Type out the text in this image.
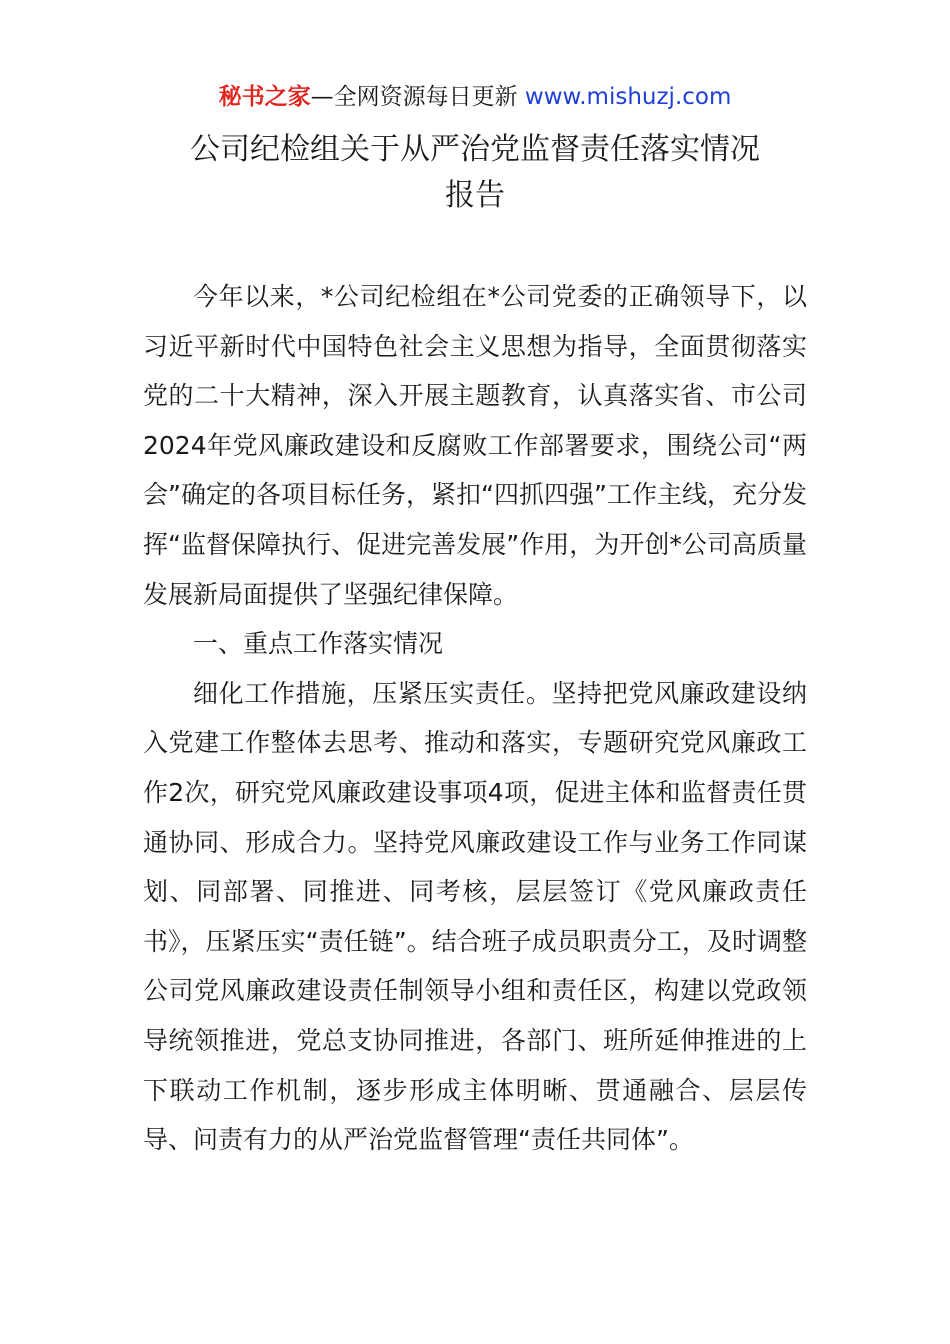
秘书之家—全网资源每日更新 www.mishuzj.com
公司纪检组关于从严治党监督责任落实情况
报告

今年以来，*公司纪检组在*公司党委的正确领导下，以习近平新时代中国特色社会主义思想为指导，全面贯彻落实党的二十大精神，深入开展主题教育，认真落实省、市公司2024年党风廉政建设和反腐败工作部署要求，围绕公司“两会”确定的各项目标任务，紧扣“四抓四强”工作主线，充分发挥“监督保障执行、促进完善发展”作用，为开创*公司高质量发展新局面提供了坚强纪律保障。

一、重点工作落实情况

细化工作措施，压紧压实责任。坚持把党风廉政建设纳入党建工作整体去思考、推动和落实，专题研究党风廉政工作2次，研究党风廉政建设事项4项，促进主体和监督责任贯通协同、形成合力。坚持党风廉政建设工作与业务工作同谋划、同部署、同推进、同考核，层层签订《党风廉政责任书》，压紧压实“责任链”。结合班子成员职责分工，及时调整公司党风廉政建设责任制领导小组和责任区，构建以党政领导统领推进，党总支协同推进，各部门、班所延伸推进的上下联动工作机制，逐步形成主体明晰、贯通融合、层层传导、问责有力的从严治党监督管理“责任共同体”。
